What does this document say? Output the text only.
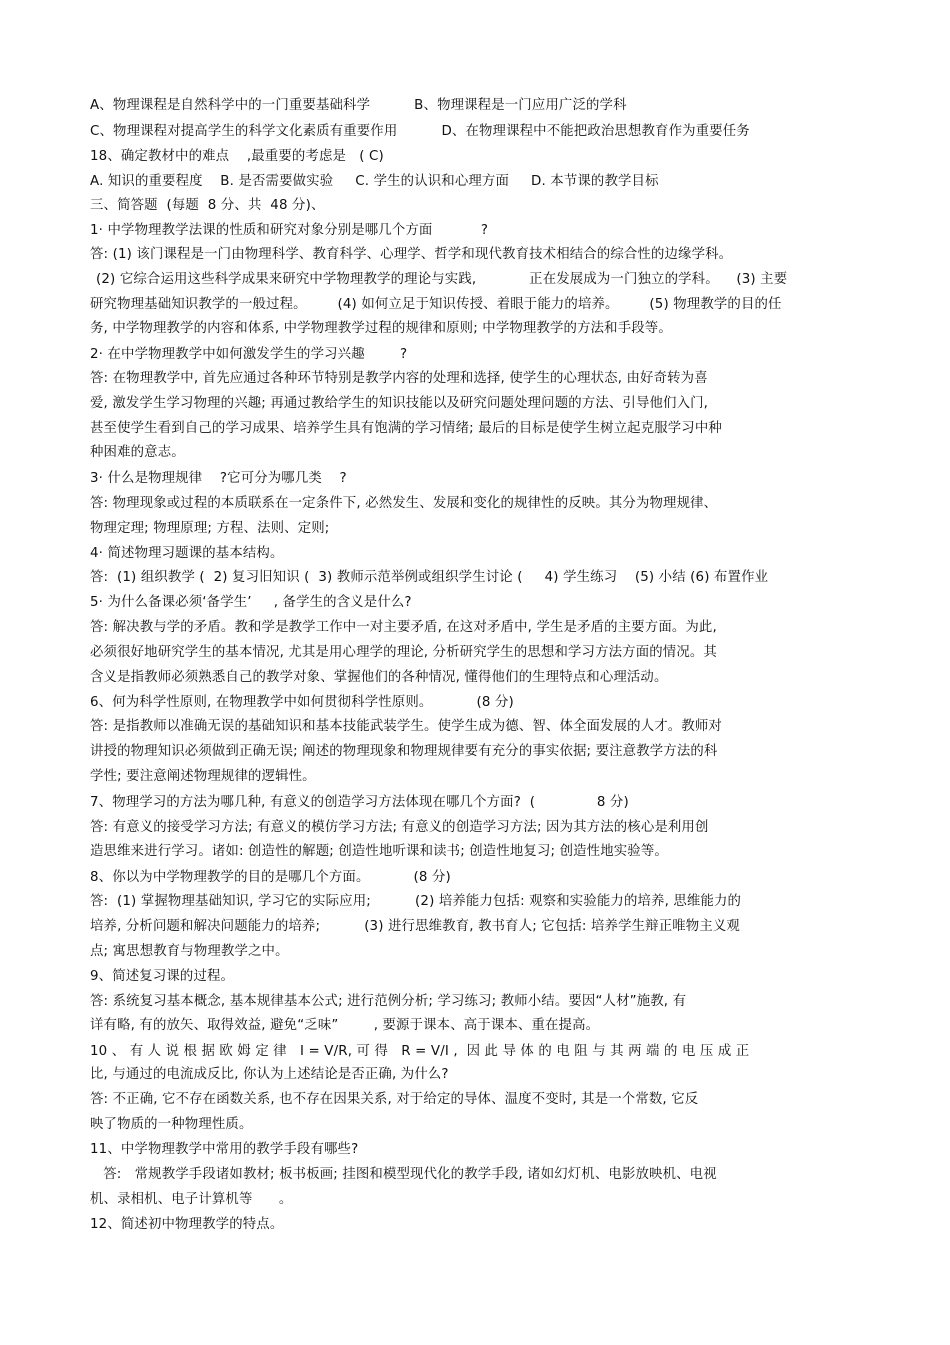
A、物理课程是自然科学中的一门重要基础科学          B、物理课程是一门应用广泛的学科
C、物理课程对提高学生的科学文化素质有重要作用          D、在物理课程中不能把政治思想教育作为重要任务
18、确定教材中的难点    ,最重要的考虑是   ( C)
A. 知识的重要程度    B. 是否需要做实验     C. 学生的认识和心理方面     D. 本节课的教学目标
三、简答题  (每题  8 分、共  48 分)、
1· 中学物理教学法课的性质和研究对象分别是哪几个方面           ?
答: (1) 该门课程是一门由物理科学、教育科学、心理学、哲学和现代教育技术相结合的综合性的边缘学科。
(2) 它综合运用这些科学成果来研究中学物理教学的理论与实践,            正在发展成为一门独立的学科。    (3) 主要
研究物理基础知识教学的一般过程。       (4) 如何立足于知识传授、着眼于能力的培养。       (5) 物理教学的目的任
务, 中学物理教学的内容和体系, 中学物理教学过程的规律和原则; 中学物理教学的方法和手段等。
2· 在中学物理教学中如何激发学生的学习兴趣        ?
答: 在物理教学中, 首先应通过各种环节特别是教学内容的处理和选择, 使学生的心理状态, 由好奇转为喜
爱, 激发学生学习物理的兴趣; 再通过教给学生的知识技能以及研究问题处理问题的方法、引导他们入门,
甚至使学生看到自己的学习成果、培养学生具有饱满的学习情绪; 最后的目标是使学生树立起克服学习中种
种困难的意志。
3· 什么是物理规律    ?它可分为哪几类    ?
答: 物理现象或过程的本质联系在一定条件下, 必然发生、发展和变化的规律性的反映。其分为物理规律、
物理定理; 物理原理; 方程、法则、定则;
4· 简述物理习题课的基本结构。
答:  (1) 组织教学 (  2) 复习旧知识 (  3) 教师示范举例或组织学生讨论 (     4) 学生练习    (5) 小结 (6) 布置作业
5· 为什么备课必须‘备学生’     , 备学生的含义是什么?
答: 解决教与学的矛盾。教和学是教学工作中一对主要矛盾, 在这对矛盾中, 学生是矛盾的主要方面。为此,
必须很好地研究学生的基本情况, 尤其是用心理学的理论, 分析研究学生的思想和学习方法方面的情况。其
含义是指教师必须熟悉自己的教学对象、掌握他们的各种情况, 懂得他们的生理特点和心理活动。
6、何为科学性原则, 在物理教学中如何贯彻科学性原则。          (8 分)
答: 是指教师以准确无误的基础知识和基本技能武装学生。使学生成为德、智、体全面发展的人才。教师对
讲授的物理知识必须做到正确无误; 阐述的物理现象和物理规律要有充分的事实依据; 要注意教学方法的科
学性; 要注意阐述物理规律的逻辑性。
7、物理学习的方法为哪几种, 有意义的创造学习方法体现在哪几个方面?  (              8 分)
答: 有意义的接受学习方法; 有意义的模仿学习方法; 有意义的创造学习方法; 因为其方法的核心是利用创
造思维来进行学习。诸如: 创造性的解题; 创造性地听课和读书; 创造性地复习; 创造性地实验等。
8、你以为中学物理教学的目的是哪几个方面。          (8 分)
答:  (1) 掌握物理基础知识, 学习它的实际应用;          (2) 培养能力包括: 观察和实验能力的培养, 思维能力的
培养, 分析问题和解决问题能力的培养;          (3) 进行思维教育, 教书育人; 它包括: 培养学生辩正唯物主义观
点; 寓思想教育与物理教学之中。
9、简述复习课的过程。
答: 系统复习基本概念, 基本规律基本公式; 进行范例分析; 学习练习; 教师小结。要因“人材”施教, 有
详有略, 有的放矢、取得效益, 避免“乏味”        , 要源于课本、高于课本、重在提高。
10 、 有 人 说 根 据 欧 姆 定 律   I = V/R, 可 得   R = V/I ,  因 此 导 体 的 电 阻 与 其 两 端 的 电 压 成 正
比, 与通过的电流成反比, 你认为上述结论是否正确, 为什么?
答: 不正确, 它不存在函数关系, 也不存在因果关系, 对于给定的导体、温度不变时, 其是一个常数, 它反
映了物质的一种物理性质。
11、中学物理教学中常用的教学手段有哪些?
答:   常规教学手段诸如教材; 板书板画; 挂图和模型现代化的教学手段, 诸如幻灯机、电影放映机、电视
机、录相机、电子计算机等      。
12、简述初中物理教学的特点。
